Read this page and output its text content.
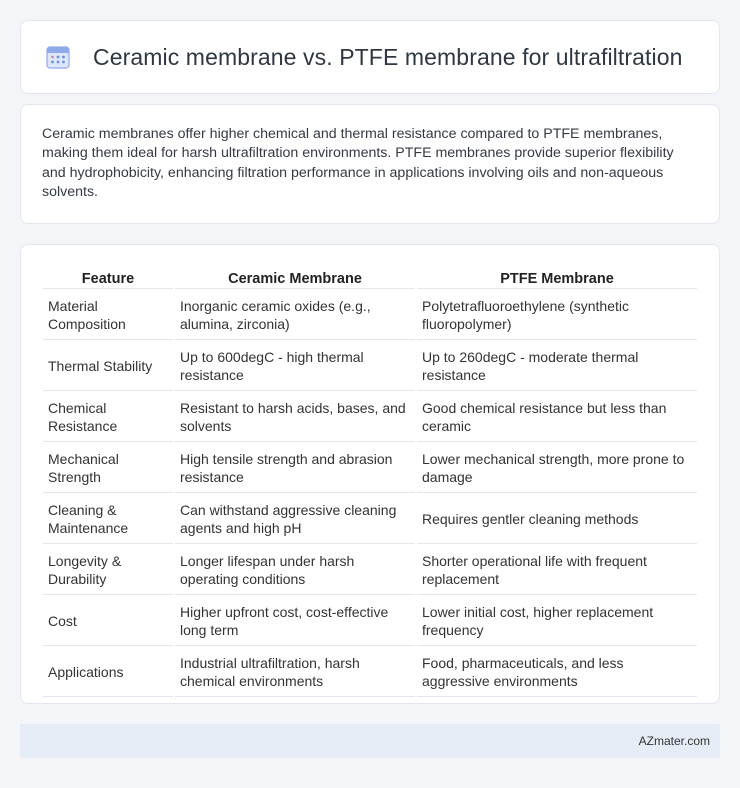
Ceramic membrane vs. PTFE membrane for ultrafiltration

Ceramic membranes offer higher chemical and thermal resistance compared to PTFE membranes, making them ideal for harsh ultrafiltration environments. PTFE membranes provide superior flexibility and hydrophobicity, enhancing filtration performance in applications involving oils and non-aqueous solvents.

Feature	Ceramic Membrane	PTFE Membrane
Material Composition	Inorganic ceramic oxides (e.g., alumina, zirconia)	Polytetrafluoroethylene (synthetic fluoropolymer)
Thermal Stability	Up to 600degC - high thermal resistance	Up to 260degC - moderate thermal resistance
Chemical Resistance	Resistant to harsh acids, bases, and solvents	Good chemical resistance but less than ceramic
Mechanical Strength	High tensile strength and abrasion resistance	Lower mechanical strength, more prone to damage
Cleaning & Maintenance	Can withstand aggressive cleaning agents and high pH	Requires gentler cleaning methods
Longevity & Durability	Longer lifespan under harsh operating conditions	Shorter operational life with frequent replacement
Cost	Higher upfront cost, cost-effective long term	Lower initial cost, higher replacement frequency
Applications	Industrial ultrafiltration, harsh chemical environments	Food, pharmaceuticals, and less aggressive environments
AZmater.com
